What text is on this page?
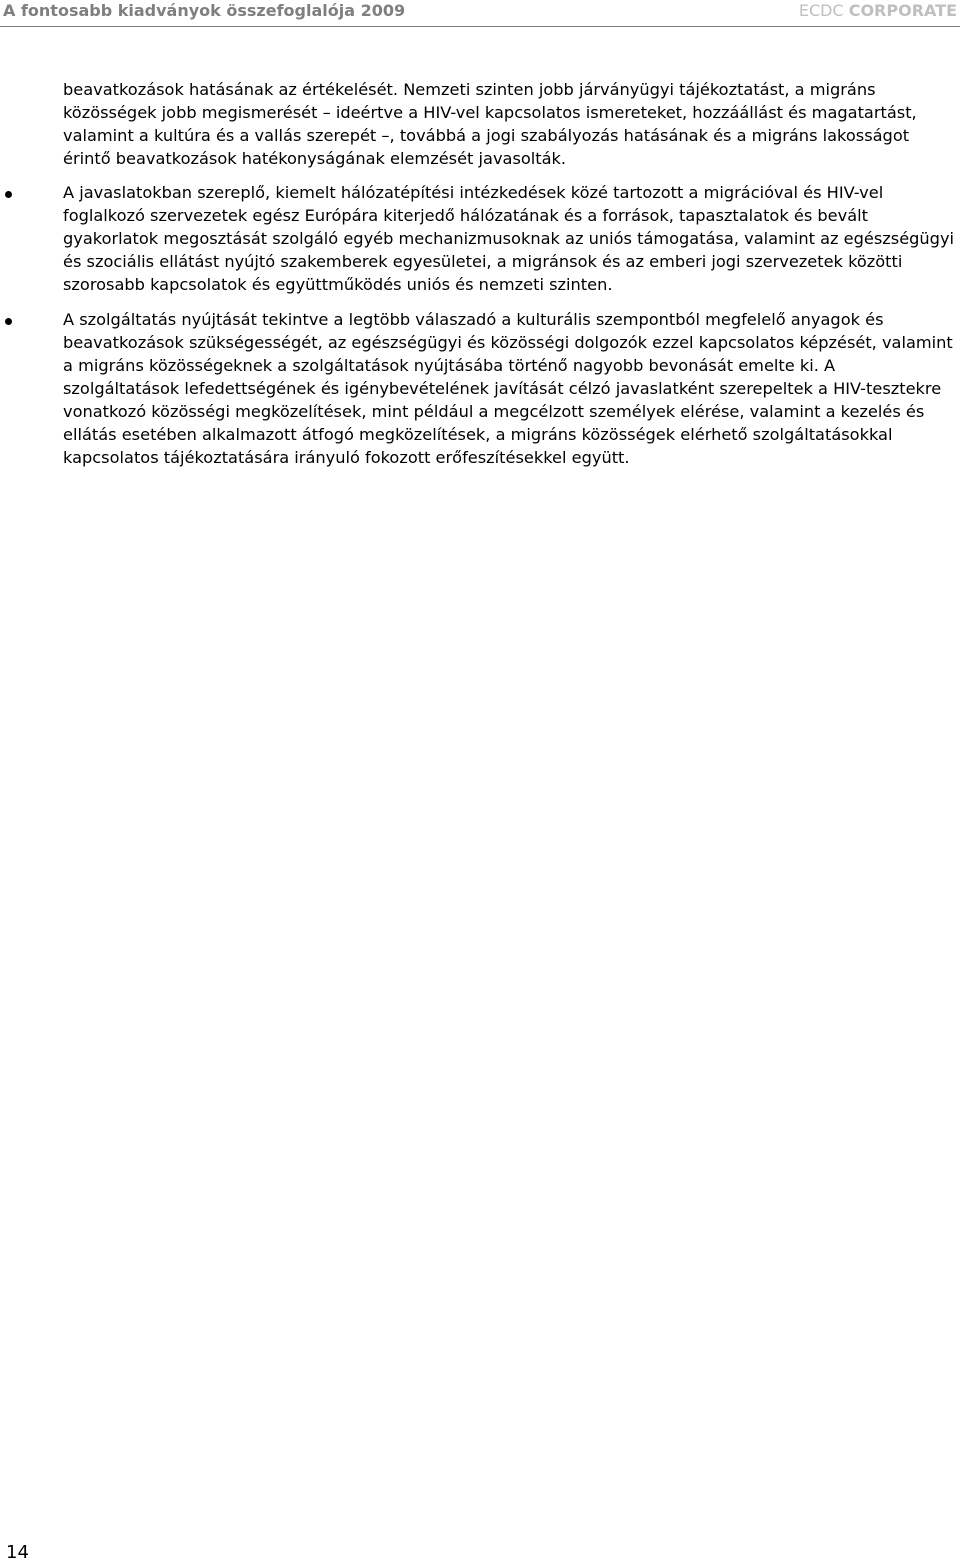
A fontosabb kiadványok összefoglalója 2009	ECDC CORPORATE

beavatkozások hatásának az értékelését. Nemzeti szinten jobb járványügyi tájékoztatást, a migráns közösségek jobb megismerését – ideértve a HIV-vel kapcsolatos ismereteket, hozzáállást és magatartást, valamint a kultúra és a vallás szerepét –, továbbá a jogi szabályozás hatásának és a migráns lakosságot érintő beavatkozások hatékonyságának elemzését javasolták.

A javaslatokban szereplő, kiemelt hálózatépítési intézkedések közé tartozott a migrációval és HIV-vel foglalkozó szervezetek egész Európára kiterjedő hálózatának és a források, tapasztalatok és bevált gyakorlatok megosztását szolgáló egyéb mechanizmusoknak az uniós támogatása, valamint az egészségügyi és szociális ellátást nyújtó szakemberek egyesületei, a migránsok és az emberi jogi szervezetek közötti szorosabb kapcsolatok és együttműködés uniós és nemzeti szinten.

A szolgáltatás nyújtását tekintve a legtöbb válaszadó a kulturális szempontból megfelelő anyagok és beavatkozások szükségességét, az egészségügyi és közösségi dolgozók ezzel kapcsolatos képzését, valamint a migráns közösségeknek a szolgáltatások nyújtásába történő nagyobb bevonását emelte ki. A szolgáltatások lefedettségének és igénybevételének javítását célzó javaslatként szerepeltek a HIV-tesztekre vonatkozó közösségi megközelítések, mint például a megcélzott személyek elérése, valamint a kezelés és ellátás esetében alkalmazott átfogó megközelítések, a migráns közösségek elérhető szolgáltatásokkal kapcsolatos tájékoztatására irányuló fokozott erőfeszítésekkel együtt.

14
